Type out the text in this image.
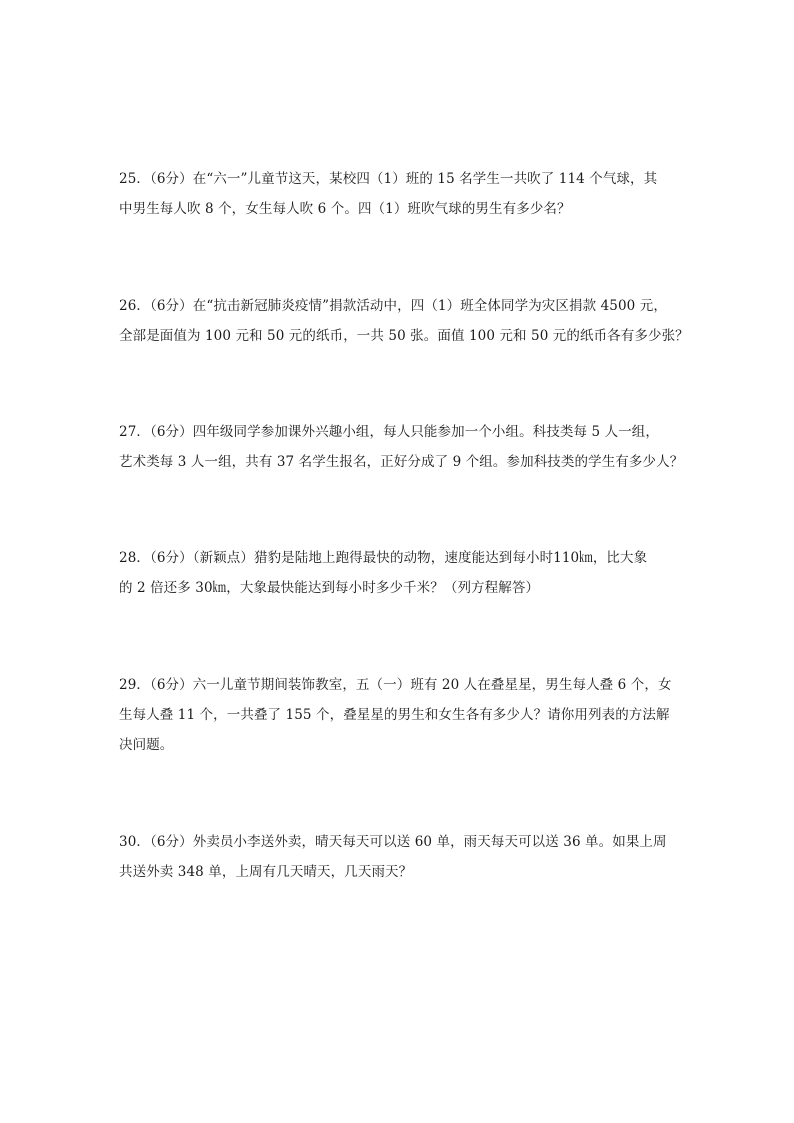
25．（6分）在“六一”儿童节这天，某校四（1）班的 15 名学生一共吹了 114 个气球，其
中男生每人吹 8 个，女生每人吹 6 个。四（1）班吹气球的男生有多少名？
26．（6分）在“抗击新冠肺炎疫情”捐款活动中，四（1）班全体同学为灾区捐款 4500 元，
全部是面值为 100 元和 50 元的纸币，一共 50 张。面值 100 元和 50 元的纸币各有多少张？
27．（6分）四年级同学参加课外兴趣小组，每人只能参加一个小组。科技类每 5 人一组，
艺术类每 3 人一组，共有 37 名学生报名，正好分成了 9 个组。参加科技类的学生有多少人？
28．（6分）（新颖点）猎豹是陆地上跑得最快的动物，速度能达到每小时110㎞，比大象
的 2 倍还多 30㎞，大象最快能达到每小时多少千米？（列方程解答）
29．（6分）六一儿童节期间装饰教室，五（一）班有 20 人在叠星星，男生每人叠 6 个，女
生每人叠 11 个，一共叠了 155 个，叠星星的男生和女生各有多少人？请你用列表的方法解
决问题。
30．（6分）外卖员小李送外卖，晴天每天可以送 60 单，雨天每天可以送 36 单。如果上周
共送外卖 348 单，上周有几天晴天，几天雨天？
